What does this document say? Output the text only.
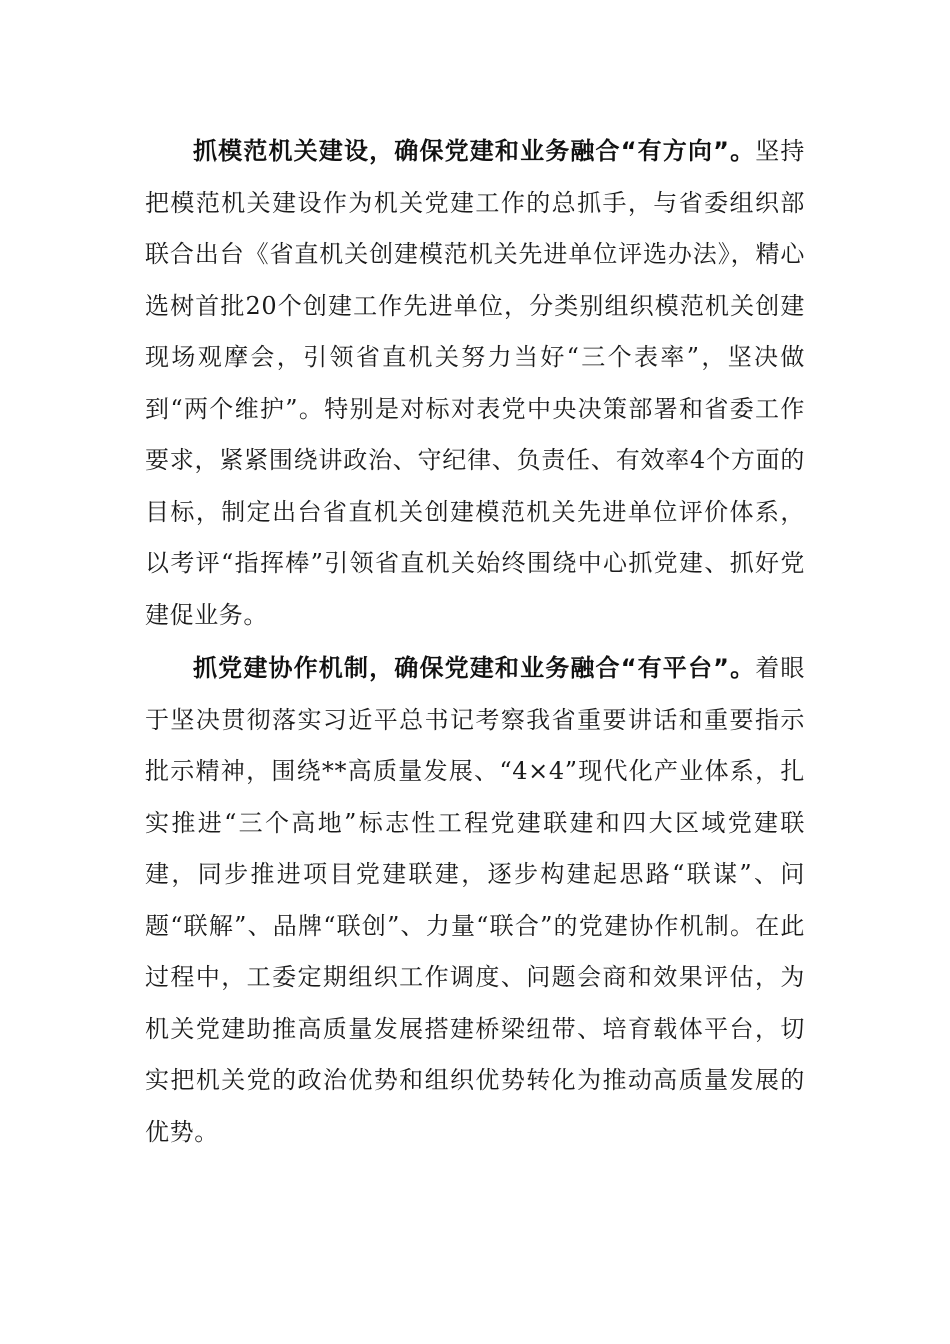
抓模范机关建设，确保党建和业务融合“有方向”。坚持把模范机关建设作为机关党建工作的总抓手，与省委组织部联合出台《省直机关创建模范机关先进单位评选办法》，精心选树首批20个创建工作先进单位，分类别组织模范机关创建现场观摩会，引领省直机关努力当好“三个表率”，坚决做到“两个维护”。特别是对标对表党中央决策部署和省委工作要求，紧紧围绕讲政治、守纪律、负责任、有效率4个方面的目标，制定出台省直机关创建模范机关先进单位评价体系，以考评“指挥棒”引领省直机关始终围绕中心抓党建、抓好党建促业务。

抓党建协作机制，确保党建和业务融合“有平台”。着眼于坚决贯彻落实习近平总书记考察我省重要讲话和重要指示批示精神，围绕**高质量发展、“4×4”现代化产业体系，扎实推进“三个高地”标志性工程党建联建和四大区域党建联建，同步推进项目党建联建，逐步构建起思路“联谋”、问题“联解”、品牌“联创”、力量“联合”的党建协作机制。在此过程中，工委定期组织工作调度、问题会商和效果评估，为机关党建助推高质量发展搭建桥梁纽带、培育载体平台，切实把机关党的政治优势和组织优势转化为推动高质量发展的优势。
